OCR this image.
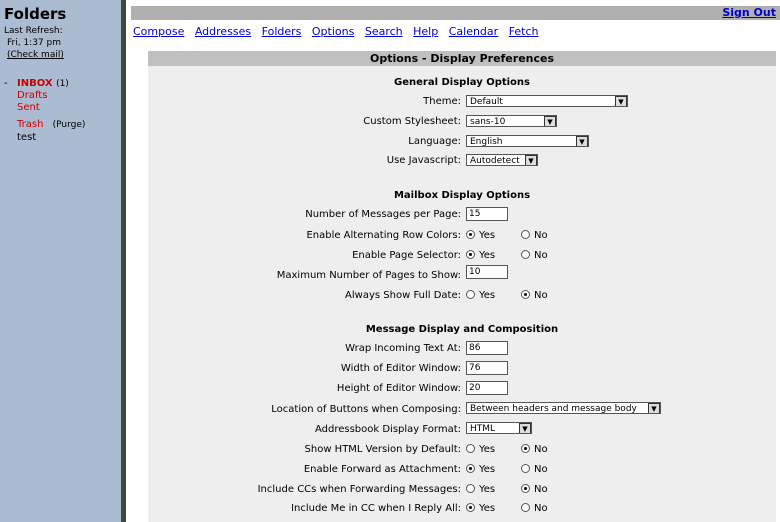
Folders
Last Refresh:
Fri, 1:37 pm
(Check mail)
- INBOX (1)
Drafts
Sent
Trash (Purge)
test
Sign Out
Compose Addresses Folders Options Search Help Calendar Fetch
Options - Display Preferences
General Display Options
Theme:	Default	▼
Custom Stylesheet:	sans-10	▼
Language:	English	▼
Use Javascript:	Autodetect	▼
Mailbox Display Options
Number of Messages per Page: 15
Enable Alternating Row Colors:	Yes	No
Enable Page Selector:	Yes	No
Maximum Number of Pages to Show: 10
Always Show Full Date:	Yes	No
Message Display and Composition
Wrap Incoming Text At: 86
Width of Editor Window: 76
Height of Editor Window: 20
Location of Buttons when Composing:	Between headers and message body	▼
Addressbook Display Format:	HTML	▼
Show HTML Version by Default:	Yes	No
Enable Forward as Attachment:	Yes	No
Include CCs when Forwarding Messages:	Yes	No
Include Me in CC when I Reply All:	Yes	No
